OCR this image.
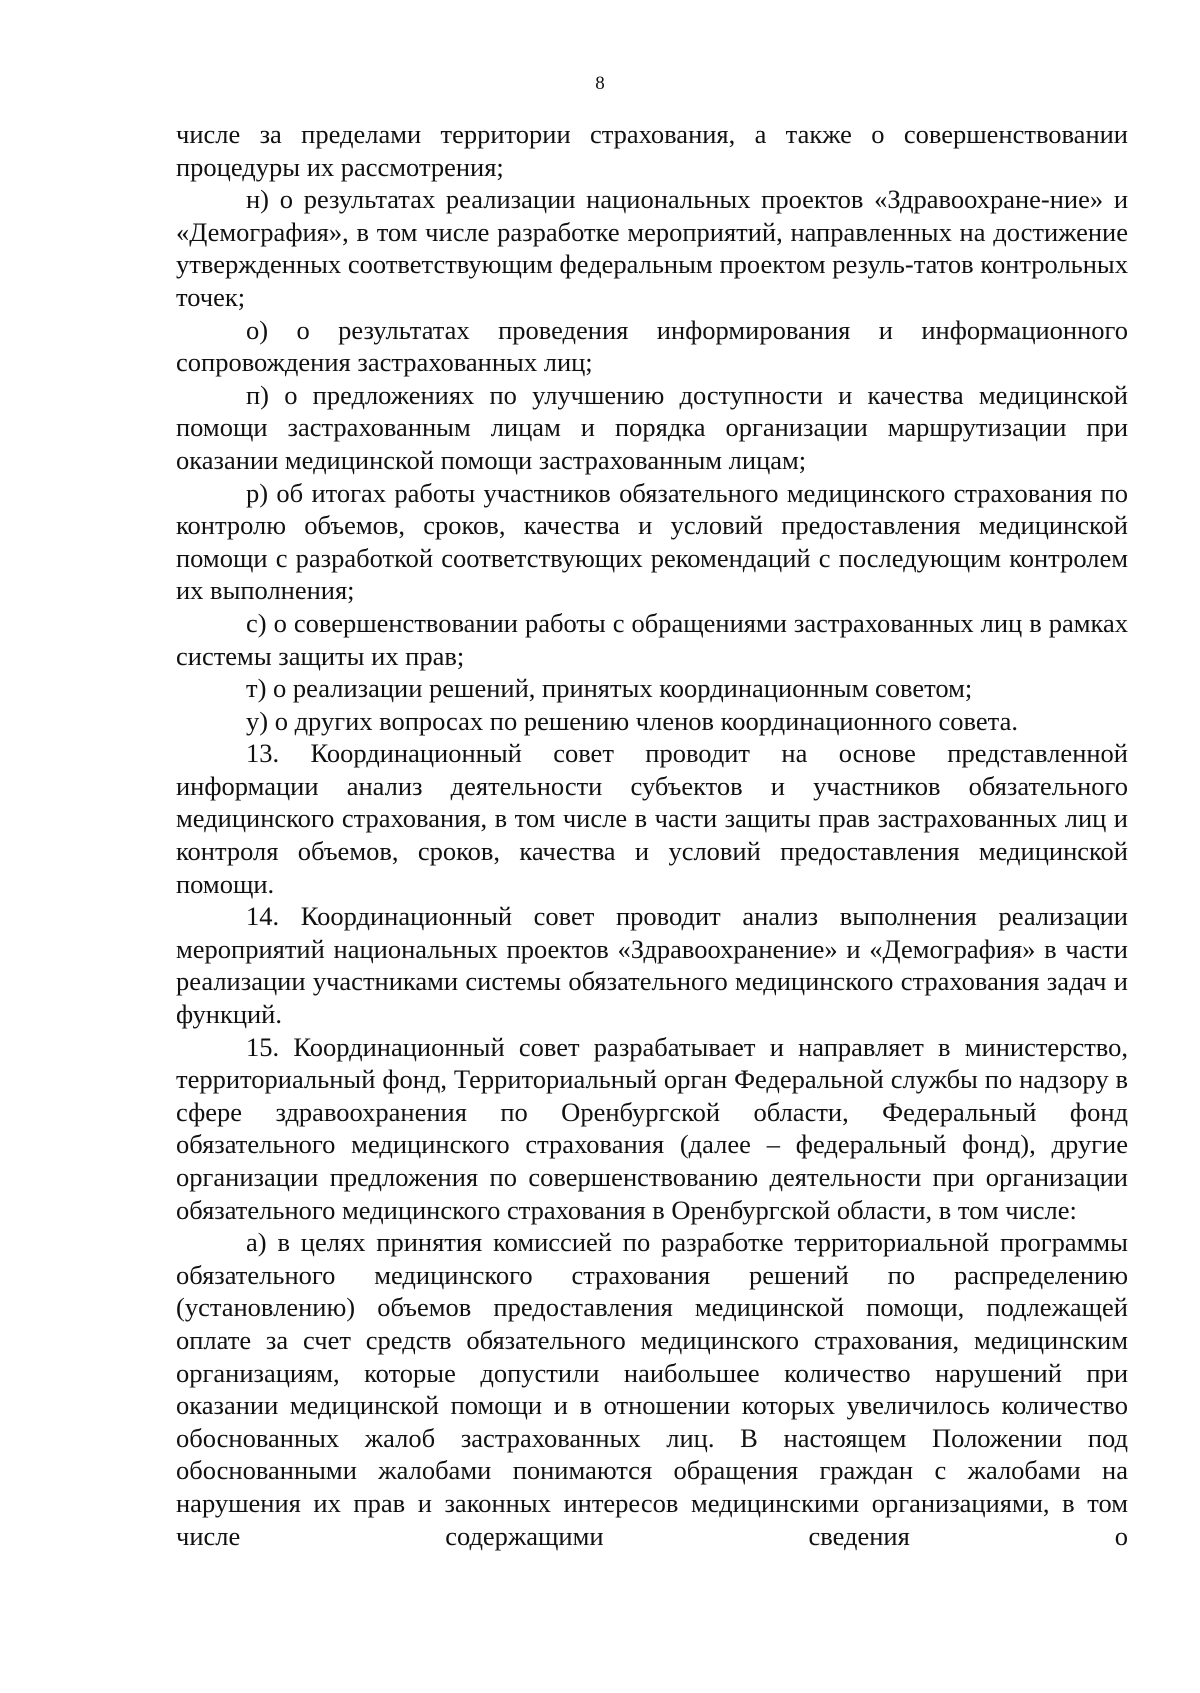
8

числе за пределами территории страхования, а также о совершенствовании процедуры их рассмотрения;

н) о результатах реализации национальных проектов «Здравоохране-ние» и «Демография», в том числе разработке мероприятий, направленных на достижение утвержденных соответствующим федеральным проектом резуль-татов контрольных точек;

о) о результатах проведения информирования и информационного сопровождения застрахованных лиц;

п) о предложениях по улучшению доступности и качества медицинской помощи застрахованным лицам и порядка организации маршрутизации при оказании медицинской помощи застрахованным лицам;

р) об итогах работы участников обязательного медицинского страхования по контролю объемов, сроков, качества и условий предоставления медицинской помощи с разработкой соответствующих рекомендаций с последующим контролем их выполнения;

с) о совершенствовании работы с обращениями застрахованных лиц в рамках системы защиты их прав;

т) о реализации решений, принятых координационным советом;

у) о других вопросах по решению членов координационного совета.

13. Координационный совет проводит на основе представленной информации анализ деятельности субъектов и участников обязательного медицинского страхования, в том числе в части защиты прав застрахованных лиц и контроля объемов, сроков, качества и условий предоставления медицинской помощи.

14. Координационный совет проводит анализ выполнения реализации мероприятий национальных проектов «Здравоохранение» и «Демография» в части реализации участниками системы обязательного медицинского страхования задач и функций.

15. Координационный совет разрабатывает и направляет в министерство, территориальный фонд, Территориальный орган Федеральной службы по надзору в сфере здравоохранения по Оренбургской области, Федеральный фонд обязательного медицинского страхования (далее – федеральный фонд), другие организации предложения по совершенствованию деятельности при организации обязательного медицинского страхования в Оренбургской области, в том числе:

а) в целях принятия комиссией по разработке территориальной программы обязательного медицинского страхования решений по распределению (установлению) объемов предоставления медицинской помощи, подлежащей оплате за счет средств обязательного медицинского страхования, медицинским организациям, которые допустили наибольшее количество нарушений при оказании медицинской помощи и в отношении которых увеличилось количество обоснованных жалоб застрахованных лиц. В настоящем Положении под обоснованными жалобами понимаются обращения граждан с жалобами на нарушения их прав и законных интересов медицинскими организациями, в том числе содержащими сведения о
